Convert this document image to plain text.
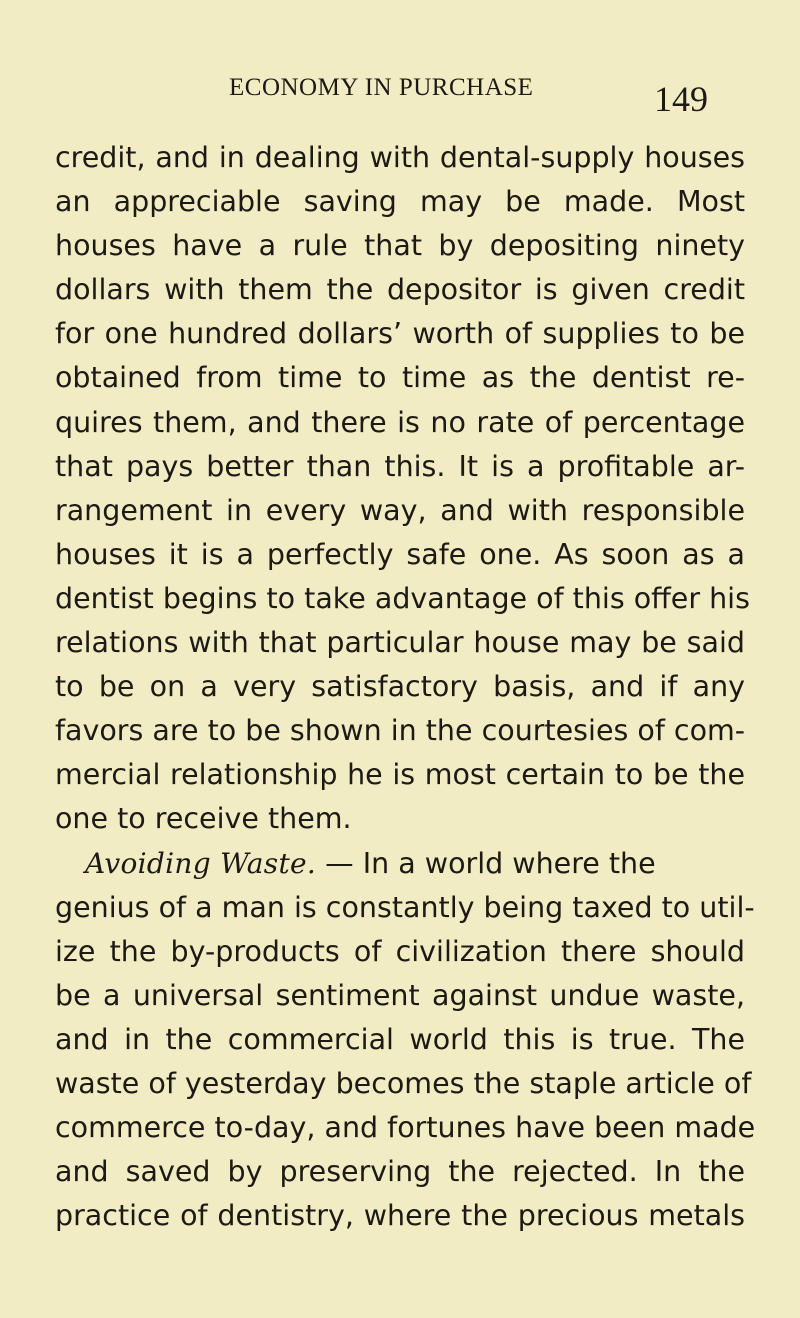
ECONOMY IN PURCHASE	149
credit, and in dealing with dental-supply houses
an appreciable saving may be made. Most
houses have a rule that by depositing ninety
dollars with them the depositor is given credit
for one hundred dollars’ worth of supplies to be
obtained from time to time as the dentist re-
quires them, and there is no rate of percentage
that pays better than this. It is a profitable ar-
rangement in every way, and with responsible
houses it is a perfectly safe one. As soon as a
dentist begins to take advantage of this offer his
relations with that particular house may be said
to be on a very satisfactory basis, and if any
favors are to be shown in the courtesies of com-
mercial relationship he is most certain to be the
one to receive them.
Avoiding Waste. — In a world where the
genius of a man is constantly being taxed to util-
ize the by-products of civilization there should
be a universal sentiment against undue waste,
and in the commercial world this is true. The
waste of yesterday becomes the staple article of
commerce to-day, and fortunes have been made
and saved by preserving the rejected. In the
practice of dentistry, where the precious metals
